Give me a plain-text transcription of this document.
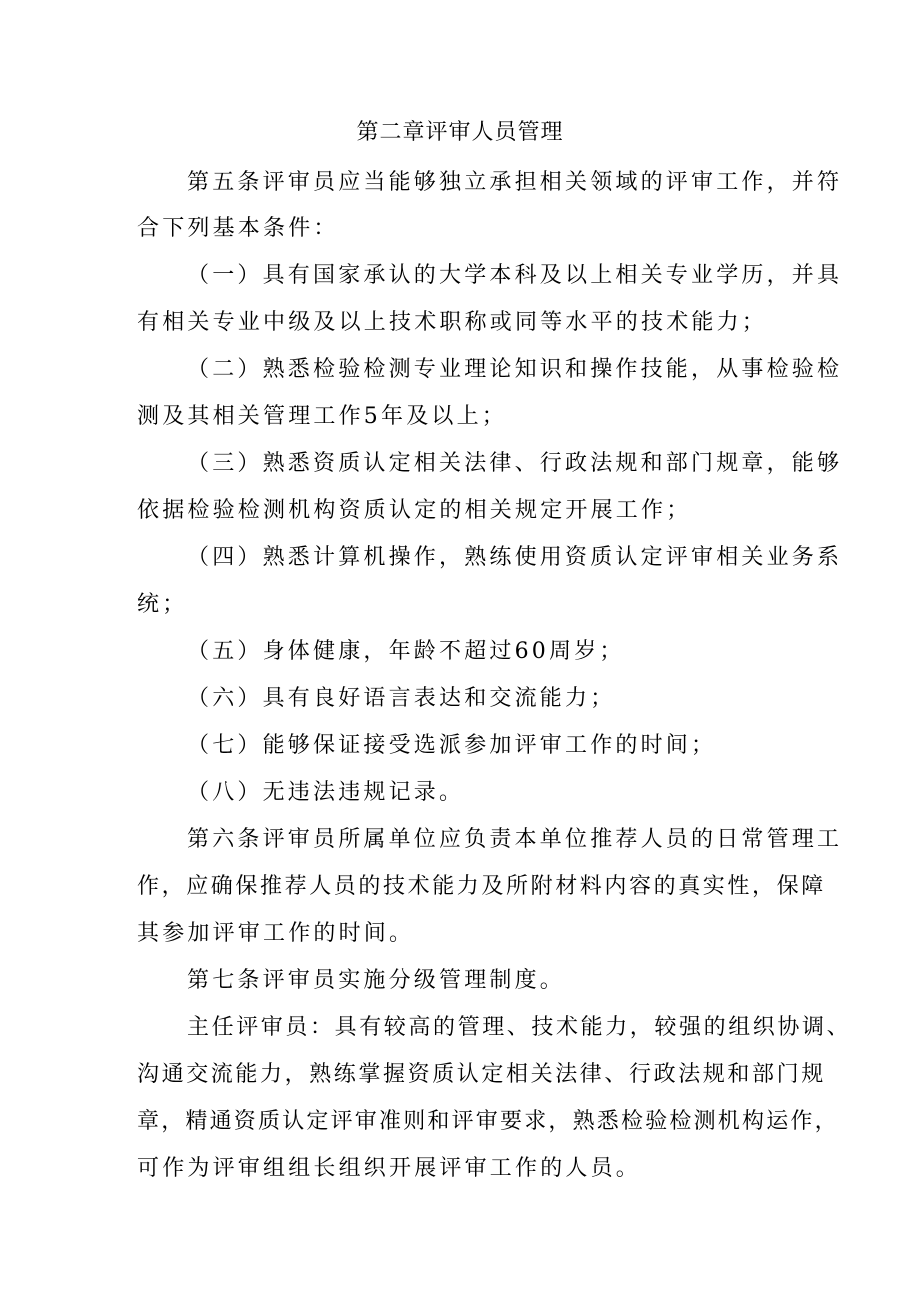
第二章评审人员管理
第五条评审员应当能够独立承担相关领域的评审工作，并符
合下列基本条件：
（一）具有国家承认的大学本科及以上相关专业学历，并具
有相关专业中级及以上技术职称或同等水平的技术能力；
（二）熟悉检验检测专业理论知识和操作技能，从事检验检
测及其相关管理工作5年及以上；
（三）熟悉资质认定相关法律、行政法规和部门规章，能够
依据检验检测机构资质认定的相关规定开展工作；
（四）熟悉计算机操作，熟练使用资质认定评审相关业务系
统；
（五）身体健康，年龄不超过60周岁；
（六）具有良好语言表达和交流能力；
（七）能够保证接受选派参加评审工作的时间；
（八）无违法违规记录。
第六条评审员所属单位应负责本单位推荐人员的日常管理工
作，应确保推荐人员的技术能力及所附材料内容的真实性，保障
其参加评审工作的时间。
第七条评审员实施分级管理制度。
主任评审员：具有较高的管理、技术能力，较强的组织协调、
沟通交流能力，熟练掌握资质认定相关法律、行政法规和部门规
章，精通资质认定评审准则和评审要求，熟悉检验检测机构运作，
可作为评审组组长组织开展评审工作的人员。
